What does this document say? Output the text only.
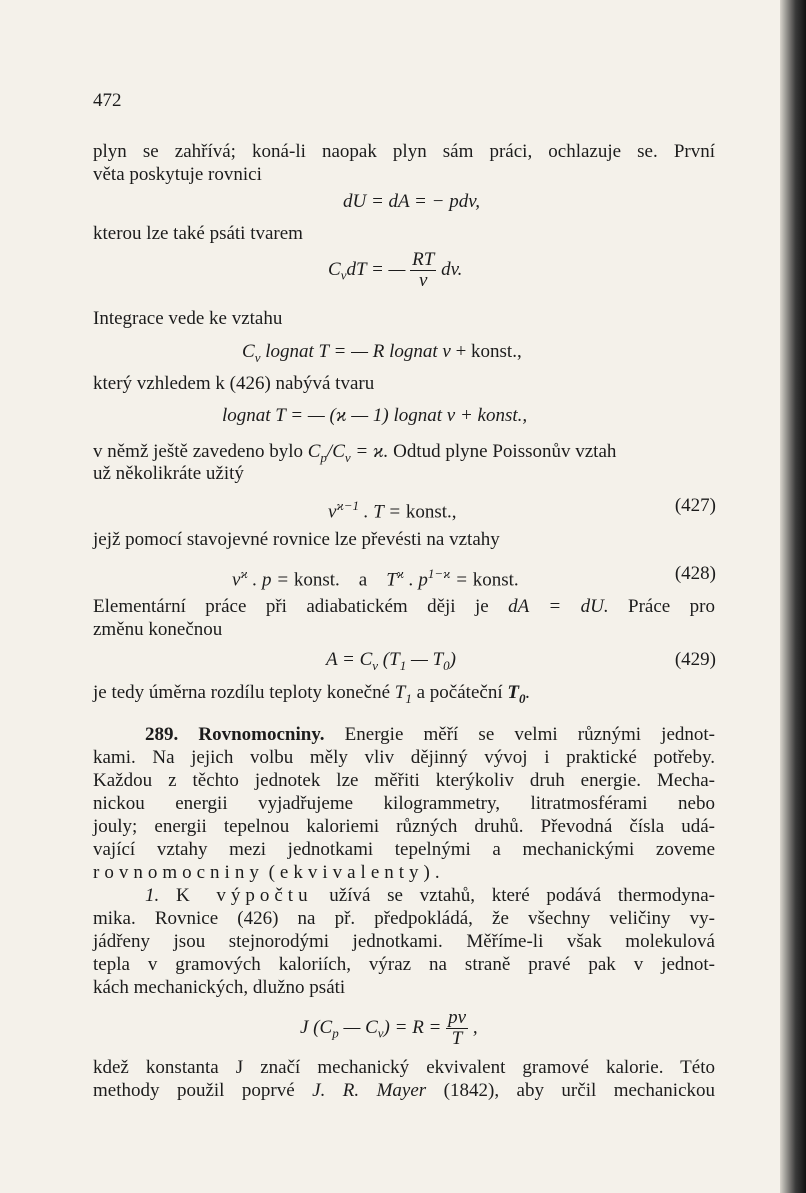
472
plyn se zahřívá; koná-li naopak plyn sám práci, ochlazuje se. První
věta poskytuje rovnici
dU = dA = − pdv,
kterou lze také psáti tvarem
$C_vdT$ = — $\frac{RT}{v}$ dv.
Integrace vede ke vztahu
$C_v$ lognat T = — R lognat v + konst.,
který vzhledem k (426) nabývá tvaru
lognat T = — (ϰ — 1) lognat v + konst.,
v němž ještě zavedeno bylo $C_p/C_v = ϰ$. Odtud plyne Poissonův vztah
už několikráte užitý
$v^{ϰ-1}$ . T = konst.,	(427)
jejž pomocí stavojevné rovnice lze převésti na vztahy
$v^ϰ$ . p = konst.    a    $T^ϰ$ . $p^{1-ϰ}$ = konst.	(428)
Elementární práce při adiabatickém ději je dA = dU. Práce pro
změnu konečnou
$A = C_v$ ($T_1$ — $T_0$)	(429)
je tedy úměrna rozdílu teploty konečné $T_1$ a počáteční $T_0$.
289. Rovnomocniny. Energie měří se velmi různými jednot-
kami. Na jejich volbu měly vliv dějinný vývoj i praktické potřeby.
Každou z těchto jednotek lze měřiti kterýkoliv druh energie. Mecha-
nickou energii vyjadřujeme kilogrammetry, litratmosférami nebo
jouly; energii tepelnou kaloriemi různých druhů. Převodná čísla udá-
vající vztahy mezi jednotkami tepelnými a mechanickými zoveme
rovnomocniny (ekvivalenty).
1. K výpočtu užívá se vztahů, které podává thermodyna-
mika. Rovnice (426) na př. předpokládá, že všechny veličiny vy-
jádřeny jsou stejnorodými jednotkami. Měříme-li však molekulová
tepla v gramových kaloriích, výraz na straně pravé pak v jednot-
kách mechanických, dlužno psáti
J ($C_p$ — $C_v) = R = \frac{pv}{T}$ ,
kdež konstanta J značí mechanický ekvivalent gramové kalorie. Této
methody použil poprvé J. R. Mayer (1842), aby určil mechanickou
